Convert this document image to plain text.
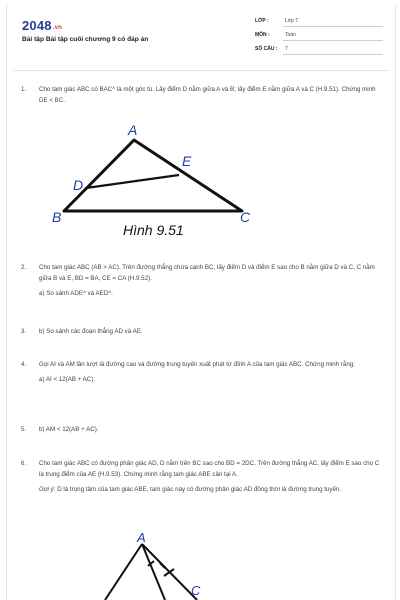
2048.vn
Bài tập Bài tập cuối chương 9 có đáp án
LỚP :	Lớp 7
MÔN :	Toán
SỐ CÂU : 7
1.	Cho tam giác ABC có BAC^ là một góc tù. Lấy điểm D nằm giữa A và B; lấy điểm E nằm giữa A và C (H.9.51). Chứng minh DE < BC.
A
B	C
D
E
Hình 9.51
2.	Cho tam giác ABC (AB > AC). Trên đường thẳng chứa cạnh BC, lấy điểm D và điểm E sao cho B nằm giữa D và C, C nằm giữa B và E, BD = BA, CE = CA (H.9.52).
a) So sánh ADE^ và AED^.
3.	b) So sánh các đoạn thẳng AD và AE.
4.	Gọi AI và AM lần lượt là đường cao và đường trung tuyến xuất phát từ đỉnh A của tam giác ABC. Chứng minh rằng:
a) AI < 12(AB + AC);
5.	b) AM < 12(AB + AC).
6.	Cho tam giác ABC có đường phân giác AD, D nằm trên BC sao cho BD = 2DC. Trên đường thẳng AC, lấy điểm E sao cho C là trung điểm của AE (H.9.53). Chứng minh rằng tam giác ABE cân tại A.
Gợi ý: D là trọng tâm của tam giác ABE, tam giác này có đường phân giác AD đồng thời là đường trung tuyến.
A
C
